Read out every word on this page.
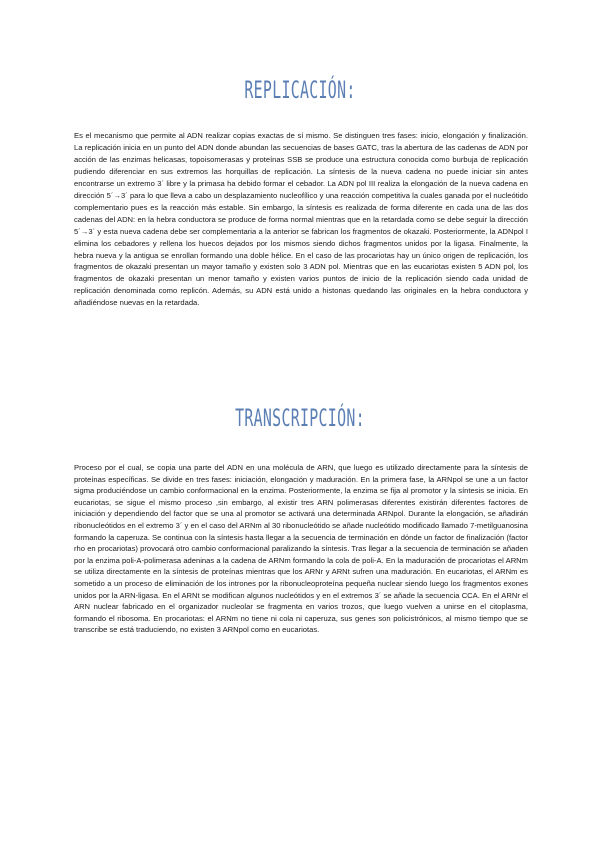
REPLICACIÓN:

Es el mecanismo que permite al ADN realizar copias exactas de sí mismo. Se distinguen tres fases: inicio, elongación y finalización. La replicación inicia en un punto del ADN donde abundan las secuencias de bases GATC, tras la abertura de las cadenas de ADN por acción de las enzimas helicasas, topoisomerasas y proteínas SSB se produce una estructura conocida como burbuja de replicación pudiendo diferenciar en sus extremos las horquillas de replicación. La síntesis de la nueva cadena no puede iniciar sin antes encontrarse un extremo 3´ libre y la primasa ha debido formar el cebador. La ADN pol III realiza la elongación de la nueva cadena en dirección 5´→3´ para lo que lleva a cabo un desplazamiento nucleofílico y una reacción competitiva la cuales ganada por el nucleótido complementario pues es la reacción más estable. Sin embargo, la síntesis es realizada de forma diferente en cada una de las dos cadenas del ADN: en la hebra conductora se produce de forma normal mientras que en la retardada como se debe seguir la dirección 5´→3´ y esta nueva cadena debe ser complementaria a la anterior se fabrican los fragmentos de okazaki. Posteriormente, la ADNpol I elimina los cebadores y rellena los huecos dejados por los mismos siendo dichos fragmentos unidos por la ligasa. Finalmente, la hebra nueva y la antigua se enrollan formando una doble hélice. En el caso de las procariotas hay un único origen de replicación, los fragmentos de okazaki presentan un mayor tamaño y existen solo 3 ADN pol. Mientras que en las eucariotas existen 5 ADN pol, los fragmentos de okazaki presentan un menor tamaño y existen varios puntos de inicio de la replicación siendo cada unidad de replicación denominada como replicón. Además, su ADN está unido a histonas quedando las originales en la hebra conductora y añadiéndose nuevas en la retardada.

TRANSCRIPCIÓN:

Proceso por el cual, se copia una parte del ADN en una molécula de ARN, que luego es utilizado directamente para la síntesis de proteínas específicas. Se divide en tres fases: iniciación, elongación y maduración. En la primera fase, la ARNpol se une a un factor sigma produciéndose un cambio conformacional en la enzima. Posteriormente, la enzima se fija al promotor y la síntesis se inicia. En eucariotas, se sigue el mismo proceso ,sin embargo, al existir tres ARN polimerasas diferentes existirán diferentes factores de iniciación y dependiendo del factor que se una al promotor se activará una determinada ARNpol. Durante la elongación, se añadirán ribonucleótidos en el extremo 3´ y en el caso del ARNm al 30 ribonucleótido se añade nucleótido modificado llamado 7-metilguanosina formando la caperuza. Se continua con la síntesis hasta llegar a la secuencia de terminación en dónde un factor de finalización (factor rho en procariotas) provocará otro cambio conformacional paralizando la síntesis. Tras llegar a la secuencia de terminación se añaden por la enzima poli-A-polimerasa adeninas a la cadena de ARNm formando la cola de poli-A. En la maduración de procariotas el ARNm se utiliza directamente en la síntesis de proteínas mientras que los ARNr y ARNt sufren una maduración. En eucariotas, el ARNm es sometido a un proceso de eliminación de los intrones por la ribonucleoproteína pequeña nuclear siendo luego los fragmentos exones unidos por la ARN-ligasa. En el ARNt se modifican algunos nucleótidos y en el extremos 3´ se añade la secuencia CCA. En el ARNr el ARN nuclear fabricado en el organizador nucleolar se fragmenta en varios trozos, que luego vuelven a unirse en el citoplasma, formando el ribosoma. En procariotas: el ARNm no tiene ni cola ni caperuza, sus genes son policistrónicos, al mismo tiempo que se transcribe se está traduciendo, no existen 3 ARNpol como en eucariotas.
